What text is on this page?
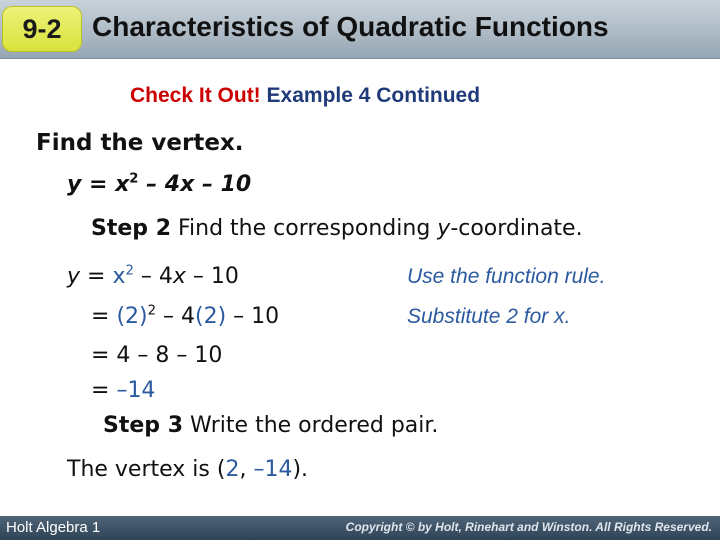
9-2 Characteristics of Quadratic Functions
Check It Out! Example 4 Continued
Find the vertex.
$y = x^2 - 4x - 10$
Step 2 Find the corresponding y-coordinate.
$y = x^2 - 4x - 10$	Use the function rule.
= $(2)^2 - 4(2) - 10$	Substitute 2 for x.
= 4 – 8 – 10
= –14
Step 3 Write the ordered pair.
The vertex is (2, –14).
Holt Algebra 1	Copyright © by Holt, Rinehart and Winston. All Rights Reserved.
